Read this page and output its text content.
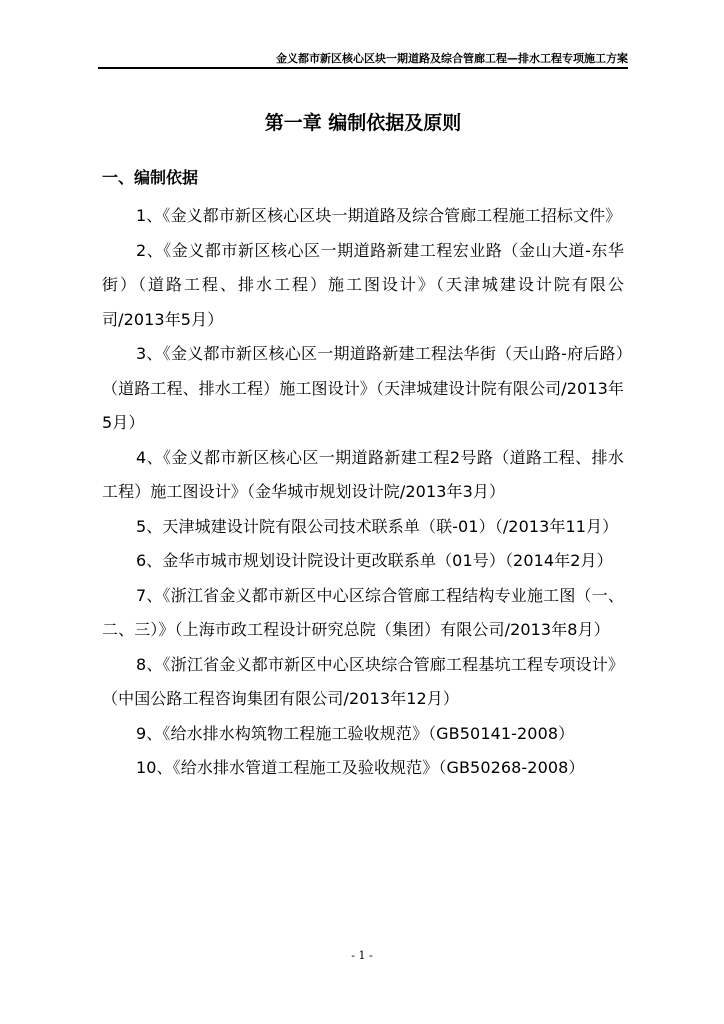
金义都市新区核心区块一期道路及综合管廊工程—排水工程专项施工方案
第一章 编制依据及原则
一、编制依据
1、《金义都市新区核心区块一期道路及综合管廊工程施工招标文件》
2、《金义都市新区核心区一期道路新建工程宏业路（金山大道-东华街）（道路工程、排水工程）施工图设计》（天津城建设计院有限公司/2013年5月）
3、《金义都市新区核心区一期道路新建工程法华街（天山路-府后路）（道路工程、排水工程）施工图设计》（天津城建设计院有限公司/2013年5月）
4、《金义都市新区核心区一期道路新建工程2号路（道路工程、排水工程）施工图设计》（金华城市规划设计院/2013年3月）
5、天津城建设计院有限公司技术联系单（联-01）（/2013年11月）
6、金华市城市规划设计院设计更改联系单（01号）（2014年2月）
7、《浙江省金义都市新区中心区综合管廊工程结构专业施工图（一、二、三）》（上海市政工程设计研究总院（集团）有限公司/2013年8月）
8、《浙江省金义都市新区中心区块综合管廊工程基坑工程专项设计》（中国公路工程咨询集团有限公司/2013年12月）
9、《给水排水构筑物工程施工验收规范》（GB50141-2008）
10、《给水排水管道工程施工及验收规范》（GB50268-2008）
- 1 -
